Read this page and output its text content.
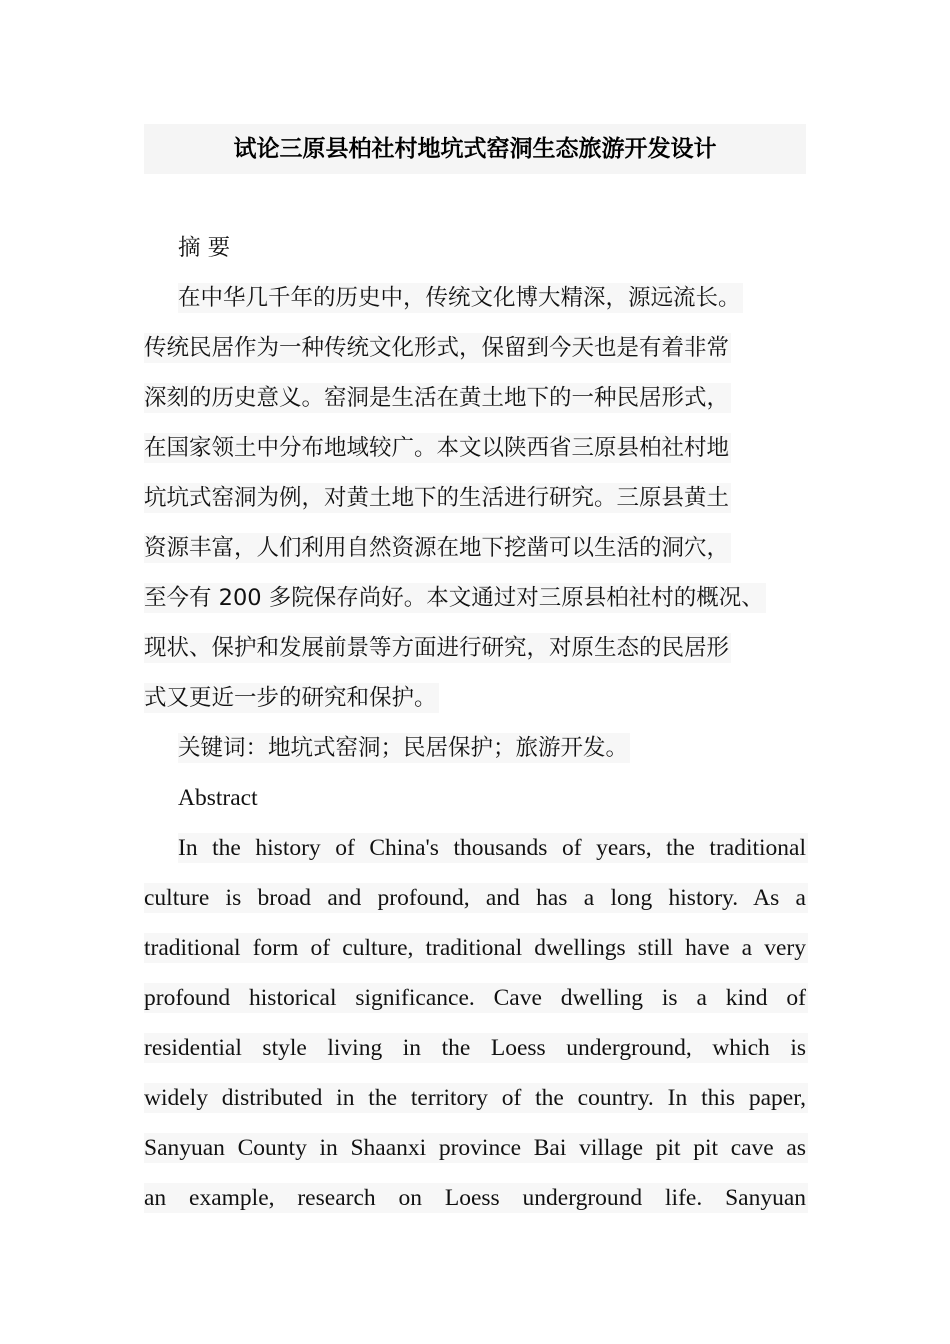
试论三原县柏社村地坑式窑洞生态旅游开发设计
摘 要
在中华几千年的历史中，传统文化博大精深，源远流长。
传统民居作为一种传统文化形式，保留到今天也是有着非常
深刻的历史意义。窑洞是生活在黄土地下的一种民居形式，
在国家领土中分布地域较广。本文以陕西省三原县柏社村地
坑坑式窑洞为例，对黄土地下的生活进行研究。三原县黄土
资源丰富，人们利用自然资源在地下挖凿可以生活的洞穴，
至今有 200 多院保存尚好。本文通过对三原县柏社村的概况、
现状、保护和发展前景等方面进行研究，对原生态的民居形
式又更近一步的研究和保护。
关键词：地坑式窑洞；民居保护；旅游开发。
Abstract
In the history of China's thousands of years, the traditional
culture is broad and profound, and has a long history. As a
traditional form of culture, traditional dwellings still have a very
profound historical significance. Cave dwelling is a kind of
residential style living in the Loess underground, which is
widely distributed in the territory of the country. In this paper,
Sanyuan County in Shaanxi province Bai village pit pit cave as
an example, research on Loess underground life. Sanyuan
